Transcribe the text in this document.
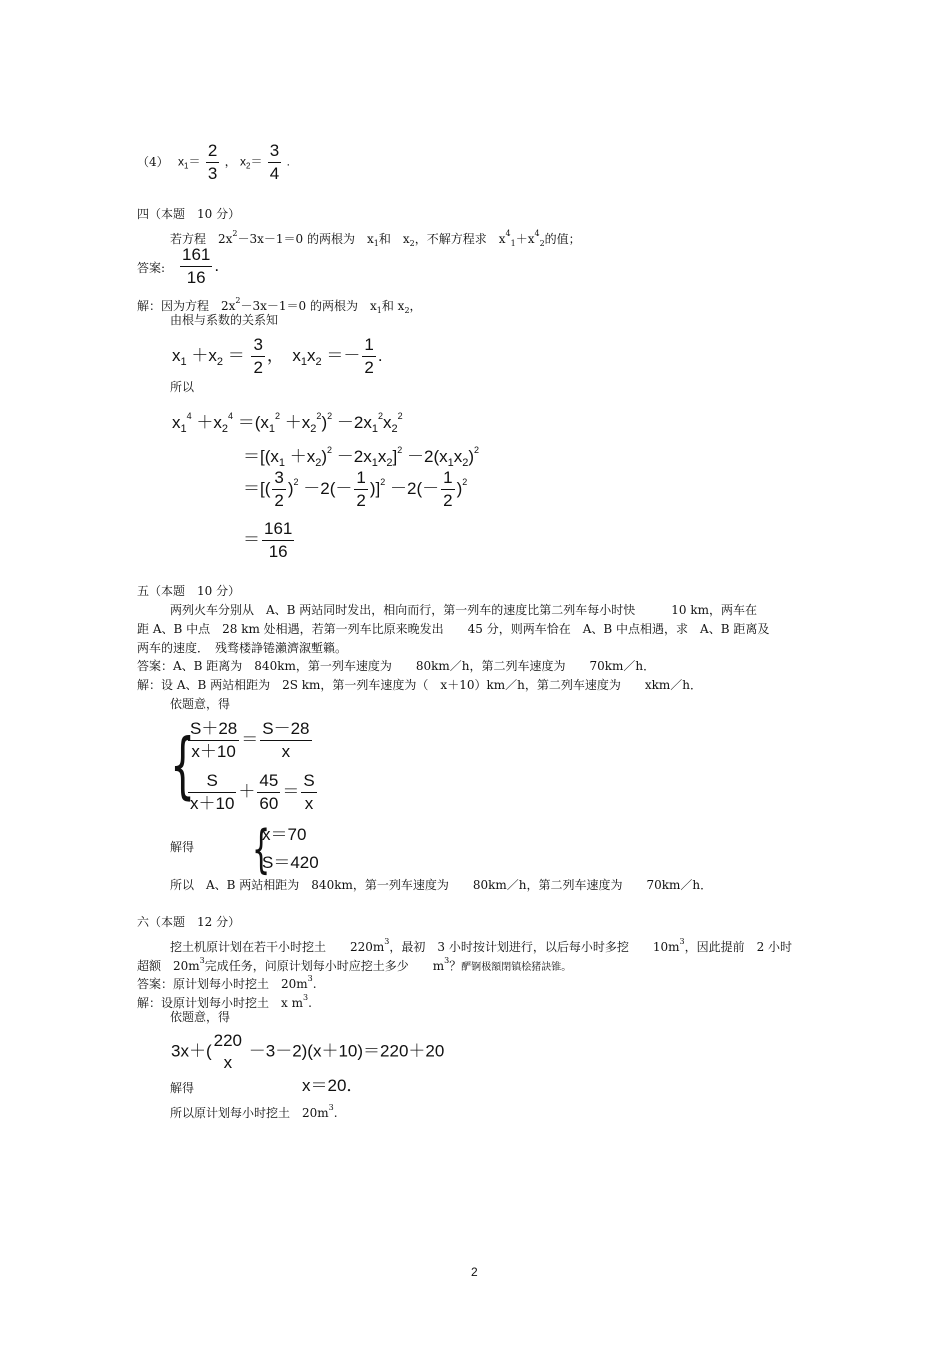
（4） $x_1= \frac{2}{3}$ ， $x_2= \frac{3}{4}$ .
四（本题　10 分）
若方程　$2x^2-3x-1=0$ 的两根为　$x_1$和　$x_2$，不解方程求　$x^4_1+x^4_2$的值；
答案: $\frac{161}{16}$ .
解：因为方程　$2x^2-3x-1=0$ 的两根为　$x_1$和 $x_2$，
由根与系数的关系知
$x_1 +x_2 = \frac{3}{2}$ ，　$x_1x_2 =- \frac{1}{2}$ .
所以
$x_1^4 +x_2^4 =(x_1^2 +x_2^2)^2 -2x_1^2x_2^2$
$=[(x_1 +x_2)^2 -2x_1x_2]^2 -2(x_1x_2)^2$
＝[( $\frac{3}{2} )^2 -2(- \frac{1}{2} )]^2 -2(- \frac{1}{2} )^2$
＝ $\frac{161}{16}$
五（本题　10 分）
两列火车分别从　A、B 两站同时发出，相向而行，第一列车的速度比第二列车每小时快　　　10 km，两车在
距 A、B 中点　28 km 处相遇，若第一列车比原来晚发出　　45 分，则两车恰在　A、B 中点相遇，求　A、B 距离及
两车的速度．　残骛楼諍锩瀨濟溆塹籟。
答案：A、B 距离为　840km，第一列车速度为　　80km／h，第二列车速度为　　70km／h．
解：设 A、B 两站相距为　2S km，第一列车速度为（　x＋10）km／h，第二列车速度为　　xkm／h．
依题意，得
{
$\frac{S+28}{x+10} = \frac{S-28}{x}$
$\frac{S}{x+10} + \frac{45}{60} = \frac{S}{x}$
解得 {
x＝70
S＝420
所以　A、B 两站相距为　840km，第一列车速度为　　80km／h，第二列车速度为　　70km／h．
六（本题　12 分）
挖土机原计划在若干小时挖土　　$220m^3$，最初　3 小时按计划进行，以后每小时多挖　　$10m^3$，因此提前　2 小时
超额　$20m^3$完成任务，问原计划每小时应挖土多少　　$m^3$？酽锕极額閉镇桧猪訣锥。
答案：原计划每小时挖土　$20m^3$.
解：设原计划每小时挖土　x $m^3$.
依题意，得
3x＋(
220
x
－3－2)(x＋10)＝220＋20
解得	x＝20．
所以原计划每小时挖土　$20m^3$.
2
